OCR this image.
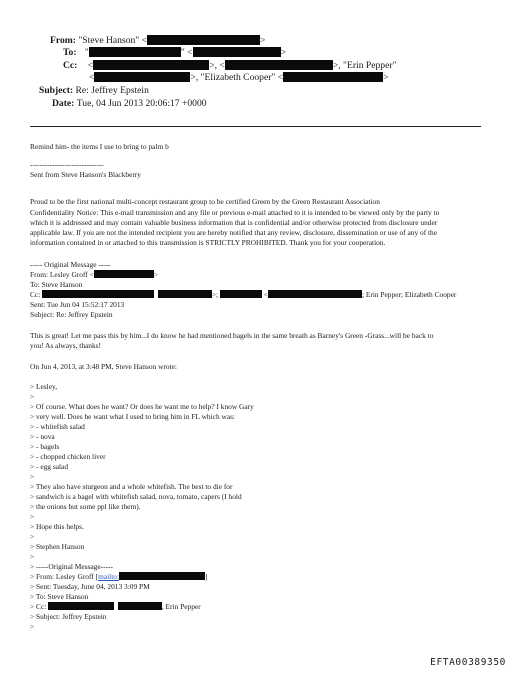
From: "Steve Hanson" <	>
To: "	" <	>
Cc: <	>, <	>, "Erin Pepper"
<	>, "Elizabeth Cooper" <	>
Subject: Re: Jeffrey Epstein
Date: Tue, 04 Jun 2013 20:06:17 +0000
Remind him- the items I use to bring to palm b
------------------------------
Sent from Steve Hanson's Blackberry
Proud to be the first national multi-concept restaurant group to be certified Green by the Green Restaurant Association
Confidentiality Notice: This e-mail transmission and any file or previous e-mail attached to it is intended to be viewed only by the party to
which it is addressed and may contain valuable business information that is confidential and/or otherwise protected from disclosure under
applicable law. If you are not the intended recipient you are hereby notified that any review, disclosure, dissemination or use of any of the
information contained in or attached to this transmission is STRICTLY PROHIBITED. Thank you for your cooperation.
----- Original Message -----
From: Lesley Groff <	>
To: Steve Hanson
Cc:	>;	<	; Erin Pepper; Elizabeth Cooper
Sent: Tue Jun 04 15:52:17 2013
Subject: Re: Jeffrey Epstein
This is great! Let me pass this by him...I do know he had mentioned bagels in the same breath as Barney's Green -Grass...will be back to
you! As always, thanks!
On Jun 4, 2013, at 3:48 PM, Steve Hanson wrote:
> Lesley,
>
> Of course. What does he want? Or does he want me to help? I know Gary
> very well. Does he want what I used to bring him in FL which was:
> - whitefish salad
> - nova
> - bagels
> - chopped chicken liver
> - egg salad
>
> They also have sturgeon and a whole whitefish. The best to die for
> sandwich is a bagel with whitefish salad, nova, tomato, capers (I hold
> the onions but some ppl like them).
>
> Hope this helps.
>
> Stephen Hanson
>
> -----Original Message-----
> From: Lesley Groff [mailto:	]
> Sent: Tuesday, June 04, 2013 3:09 PM
> To: Steve Hanson
> Cc:	, Erin Pepper
> Subject: Jeffrey Epstein
>
EFTA00389350
